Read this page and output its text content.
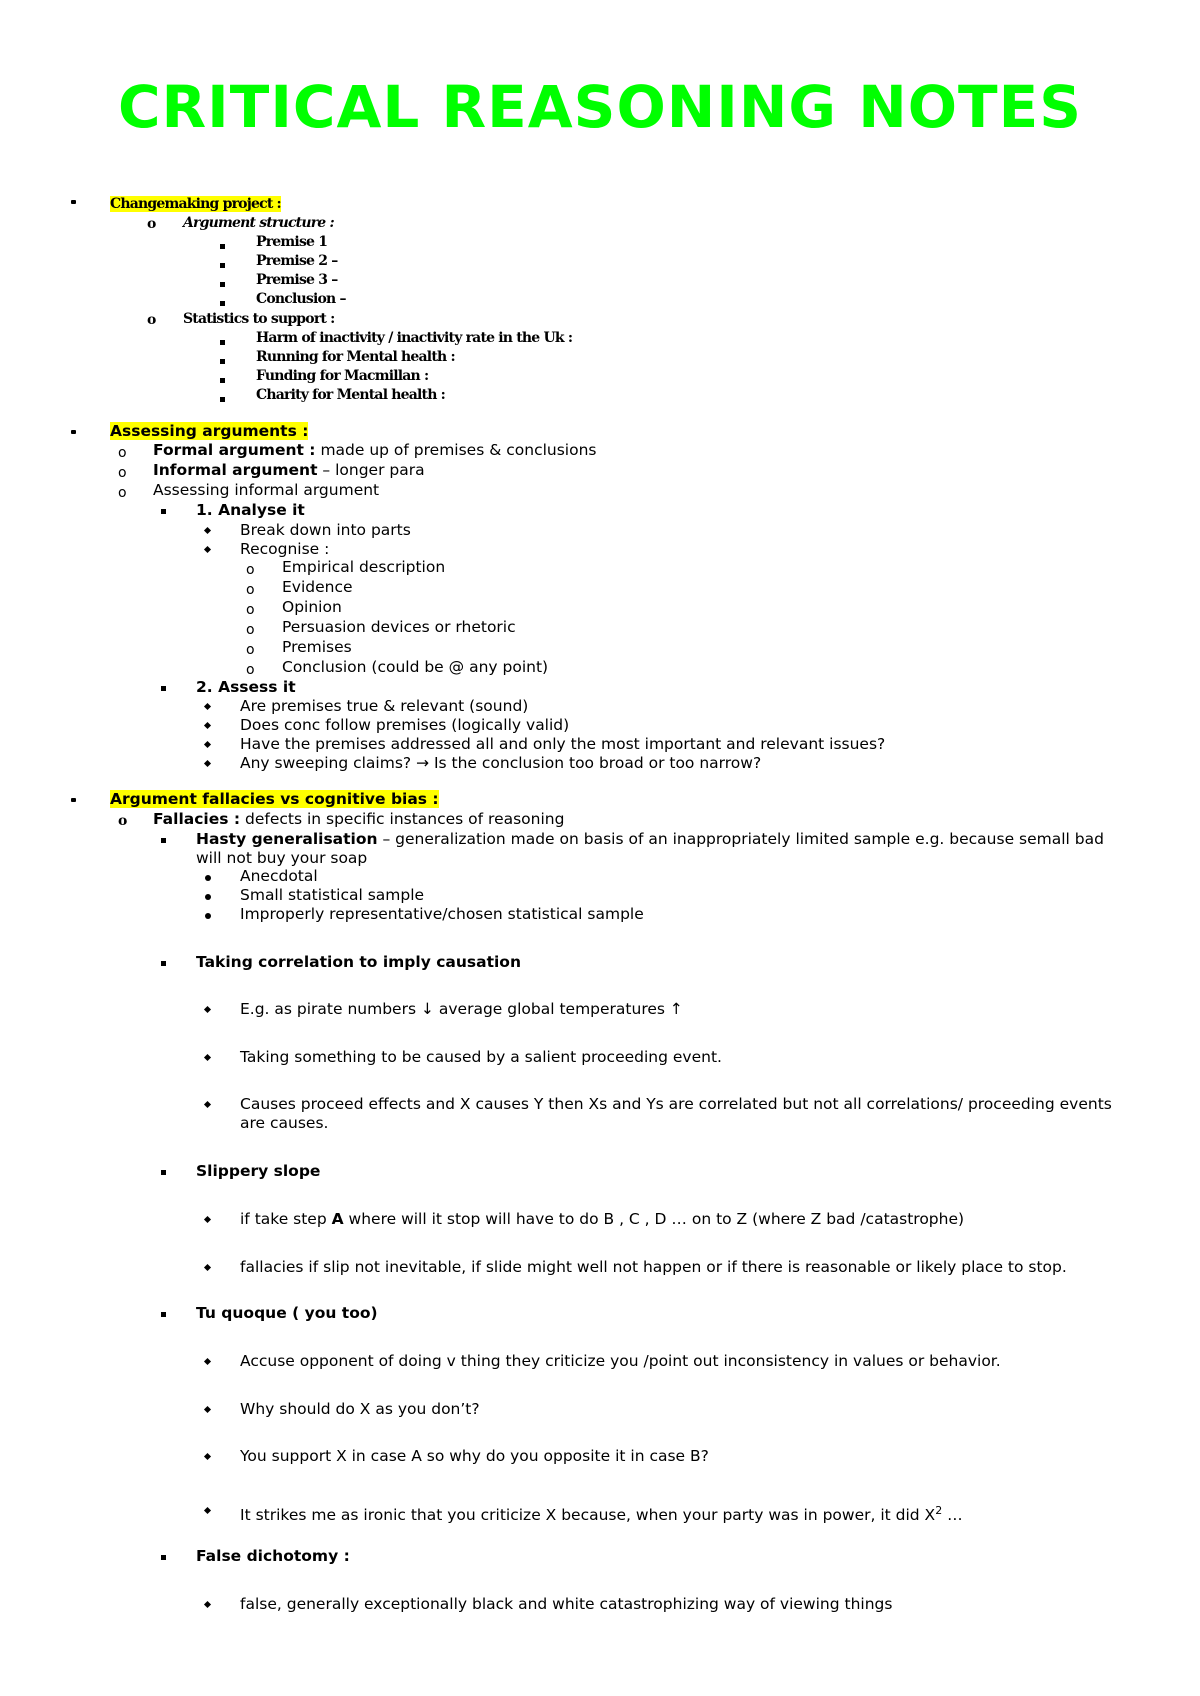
CRITICAL REASONING NOTES
Changemaking project :
o Argument structure :
Premise 1
Premise 2 –
Premise 3 –
Conclusion –
o Statistics to support :
Harm of inactivity / inactivity rate in the Uk :
Running for Mental health :
Funding for Macmillan :
Charity for Mental health :
Assessing arguments :
o Formal argument : made up of premises & conclusions
o Informal argument – longer para
o Assessing informal argument
1. Analyse it
Break down into parts
Recognise :
o Empirical description
o Evidence
o Opinion
o Persuasion devices or rhetoric
o Premises
o Conclusion (could be @ any point)
2. Assess it
Are premises true & relevant (sound)
Does conc follow premises (logically valid)
Have the premises addressed all and only the most important and relevant issues?
Any sweeping claims? → Is the conclusion too broad or too narrow?
Argument fallacies vs cognitive bias :
o Fallacies : defects in specific instances of reasoning
Hasty generalisation – generalization made on basis of an inappropriately limited sample e.g. because semall bad will not buy your soap
Anecdotal
Small statistical sample
Improperly representative/chosen statistical sample
Taking correlation to imply causation
E.g. as pirate numbers ↓ average global temperatures ↑
Taking something to be caused by a salient proceeding event.
Causes proceed effects and X causes Y then Xs and Ys are correlated but not all correlations/ proceeding events are causes.
Slippery slope
if take step A where will it stop will have to do B , C , D … on to Z (where Z bad /catastrophe)
fallacies if slip not inevitable, if slide might well not happen or if there is reasonable or likely place to stop.
Tu quoque ( you too)
Accuse opponent of doing v thing they criticize you /point out inconsistency in values or behavior.
Why should do X as you don’t?
You support X in case A so why do you opposite it in case B?
It strikes me as ironic that you criticize X because, when your party was in power, it did $X^2$ …
False dichotomy :
false, generally exceptionally black and white catastrophizing way of viewing things
